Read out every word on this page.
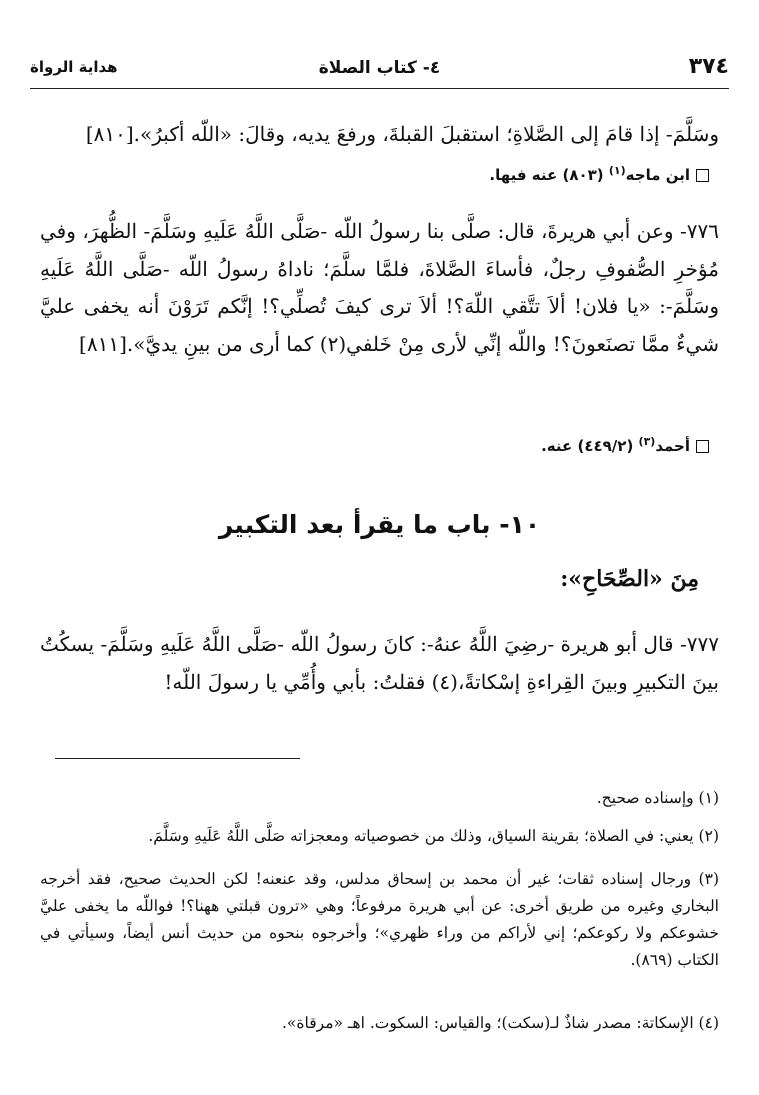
٣٧٤
٤- كتاب الصلاة
هداية الرواة
وسَلَّمَ- إذا قامَ إلى الصَّلاةِ؛ استقبلَ القبلةَ، ورفعَ يديه، وقالَ: «اللّه أكبرُ».[٨١٠]
ابن ماجه$^{(١)}$ (٨٠٣) عنه فيها.
٧٧٦- وعن أبي هريرةَ، قال: صلَّى بنا رسولُ اللّه -صَلَّى اللَّهُ عَلَيهِ وسَلَّمَ- الظُّهرَ، وفي مُؤخرِ الصُّفوفِ رجلٌ، فأساءَ الصَّلاةَ، فلمَّا سلَّمَ؛ ناداهُ رسولُ اللّه -صَلَّى اللَّهُ عَلَيهِ وسَلَّمَ-: «يا فلان! ألاَ تتَّقي اللّهَ؟! ألاَ ترى كيفَ تُصلِّي؟! إنَّكم تَرَوْنَ أنه يخفى عليَّ شيءٌ ممَّا تصنَعونَ؟! واللّه إنِّي لأرى مِنْ خَلفي(٢) كما أرى من بينِ يديَّ».[٨١١]
أحمد$^{(٣)}$ (٤٤٩/٢) عنه.
١٠- باب ما يقرأ بعد التكبير
مِنَ «الصِّحَاحِ»:
٧٧٧- قال أبو هريرة -رضِيَ اللَّهُ عنهُ-: كانَ رسولُ اللّه -صَلَّى اللَّهُ عَلَيهِ وسَلَّمَ- يسكُتُ بينَ التكبيرِ وبينَ القِراءةِ إسْكاتةً،(٤) فقلتُ: بأبي وأُمِّي يا رسولَ اللّه!
(١) وإسناده صحيح.
(٢) يعني: في الصلاة؛ بقرينة السياق، وذلك من خصوصياته ومعجزاته صَلَّى اللَّهُ عَلَيهِ وسَلَّمَ.
(٣) ورجال إسناده ثقات؛ غير أن محمد بن إسحاق مدلس، وقد عنعنه! لكن الحديث صحيح، فقد أخرجه البخاري وغيره من طريق أخرى: عن أبي هريرة مرفوعاً؛ وهي «ترون قبلتي ههنا؟! فواللّه ما يخفى عليَّ خشوعكم ولا ركوعكم؛ إني لأراكم من وراء ظهري»؛ وأخرجوه بنحوه من حديث أنس أيضاً، وسيأتي في الكتاب (٨٦٩).
(٤) الإسكاتة: مصدر شاذٌ لـ(سكت)؛ والقياس: السكوت. اهـ «مرقاة».
